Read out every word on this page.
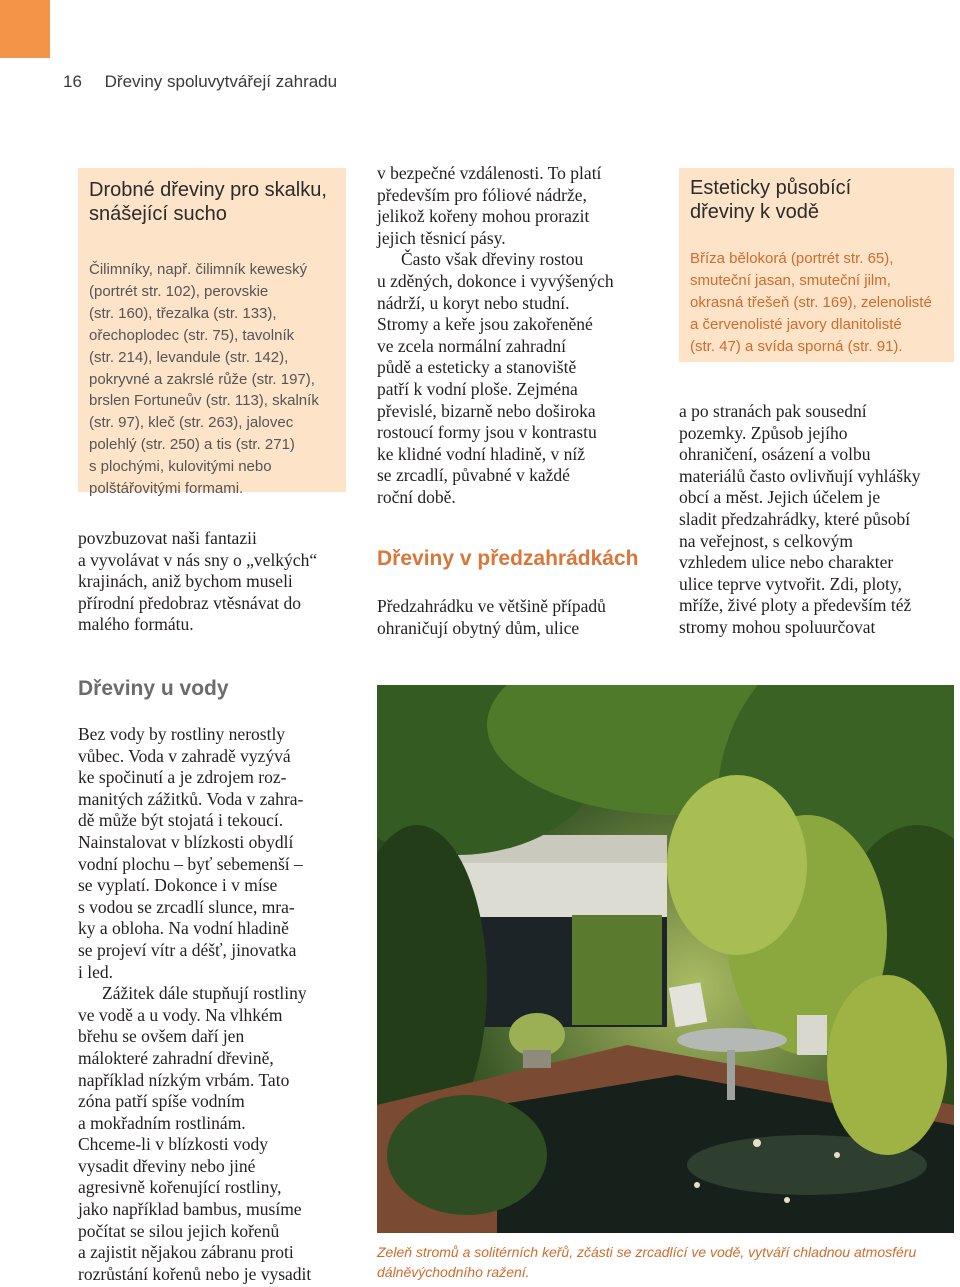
16 Dřeviny spoluvytvářejí zahradu
Drobné dřeviny pro skalku,
snášející sucho

Čilimníky, např. čilimník keweský
(portrét str. 102), perovskie
(str. 160), třezalka (str. 133),
ořechoplodec (str. 75), tavolník
(str. 214), levandule (str. 142),
pokryvné a zakrslé růže (str. 197),
brslen Fortuneův (str. 113), skalník
(str. 97), kleč (str. 263), jalovec
polehlý (str. 250) a tis (str. 271)
s plochými, kulovitými nebo
polštářovitými formami.

Esteticky působící
dřeviny k vodě

Bříza bělokorá (portrét str. 65),
smuteční jasan, smuteční jilm,
okrasná třešeň (str. 169), zelenolisté
a červenolisté javory dlanitolisté
(str. 47) a svída sporná (str. 91).

povzbuzovat naši fantazii
a vyvolávat v nás sny o „velkých“
krajinách, aniž bychom museli
přírodní předobraz vtěsnávat do
malého formátu.

v bezpečné vzdálenosti. To platí
především pro fóliové nádrže,
jelikož kořeny mohou prorazit
jejich těsnicí pásy.
Často však dřeviny rostou
u zděných, dokonce i vyvýšených
nádrží, u koryt nebo studní.
Stromy a keře jsou zakořeněné
ve zcela normální zahradní
půdě a esteticky a stanoviště
patří k vodní ploše. Zejména
převislé, bizarně nebo doširoka
rostoucí formy jsou v kontrastu
ke klidné vodní hladině, v níž
se zrcadlí, půvabné v každé
roční době.
Dřeviny v předzahrádkách

Předzahrádku ve většině případů
ohraničují obytný dům, ulice

a po stranách pak sousední
pozemky. Způsob jejího
ohraničení, osázení a volbu
materiálů často ovlivňují vyhlášky
obcí a měst. Jejich účelem je
sladit předzahrádky, které působí
na veřejnost, s celkovým
vzhledem ulice nebo charakter
ulice teprve vytvořit. Zdi, ploty,
mříže, živé ploty a především též
stromy mohou spoluurčovat

Dřeviny u vody
Bez vody by rostliny nerostly
vůbec. Voda v zahradě vyzývá
ke spočinutí a je zdrojem roz-
manitých zážitků. Voda v zahra-
dě může být stojatá i tekoucí.
Nainstalovat v blízkosti obydlí
vodní plochu – byť sebemenší –
se vyplatí. Dokonce i v míse
s vodou se zrcadlí slunce, mra-
ky a obloha. Na vodní hladině
se projeví vítr a déšť, jinovatka
i led.
Zážitek dále stupňují rostliny
ve vodě a u vody. Na vlhkém
břehu se ovšem daří jen
málokteré zahradní dřevině,
například nízkým vrbám. Tato
zóna patří spíše vodním
a mokřadním rostlinám.
Chceme-li v blízkosti vody
vysadit dřeviny nebo jiné
agresivně kořenující rostliny,
jako například bambus, musíme
počítat se silou jejich kořenů
a zajistit nějakou zábranu proti
rozrůstání kořenů nebo je vysadit

Zeleň stromů a solitérních keřů, zčásti se zrcadlící ve vodě, vytváří chladnou atmosféru
dálněvýchodního ražení.
